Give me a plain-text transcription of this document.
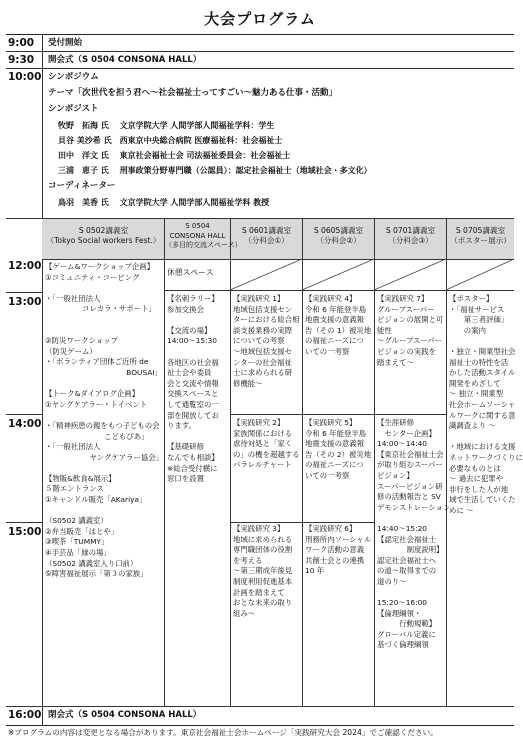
大会プログラム
9:00
9:30
10:00
12:00
13:00
14:00
15:00
16:00
受付開始
開会式（S 0504 CONSONA HALL）
シンポジウム
テーマ「次世代を担う君へ～社会福祉士ってすごい～魅力ある仕事・活動」
シンポジスト
牧野　拓海 氏　 文京学院大学 人間学部人間福祉学科：学生
貝谷 美沙希 氏　西東京中央総合病院 医療福祉科：社会福祉士
田中　洋文 氏　 東京社会福祉士会 司法福祉委員会：社会福祉士
三浦　恵子 氏　 刑事政策分野専門職（公認員）：認定社会福祉士（地域社会・多文化）
コーディネーター
鳥羽　美香 氏　 文京学院大学 人間学部人間福祉学科 教授
S 0502講義室
（Tokyo Social workers Fest.）
S 0504
CONSONA HALL
（多目的交流スペース）
S 0601講義室
（分科会①）
S 0605講義室
（分科会②）
S 0701講義室
（分科会③）
S 0705講義室
（ポスター展示）
【ゲーム&ワークショップ企画】
①コミュニティ・コーピング

・「一般社団法人
　　　　　コレカラ・サポート」

②防災ワークショップ
（防災ゲーム）
・「ボランティア団体ご近所 de
　　　　　　　　　　　BOUSAI」

【トーク&ダイアログ企画】
①ヤングケアラー・トイベント

・「精神疾患の親をもつ子どもの会
　　　　　　　　こどもぴあ」
・「一般社団法人
　　　　　　ヤングケアラー協会」

【物販&飲食&展示】
５階エントランス
①キャンドル販売「AKariya」

（S0502 講義室）
②弁当販売「はとや」
③喫茶「TUMMY」
④手芸品「縁の場」
（S0502 講義室入り口前）
⑤障害福祉展示「第３の家族」
休憩スペース
【名刺ラリー】
参加交換会

【交流の場】
14:00～15:30

各地区の社会福
祉士会や委員
会と交流や情報
交換スペースと
して通覧室の一
部を開放してお
ります。

【基礎研修
なんでも相談】
※総合受付横に
窓口を設置
【実践研究 1】
地域包括支援セン
ターにおける総合相
談支援業務の実際
についての考察
～地域包括支援セ
ンターの社会福祉
士に求められる研
修機能～
【実践研究 2】
家族関係における
虐待対処と「家く
の」の機を超越する
パラレルチャート
【実践研究 3】
地域に求められる
専門職団体の役割
を考える
～第三期成年後見
制度利用促進基本
計画を踏まえて
おとな未来の取り
組み～
【実践研究 4】
令和 6 年能登半島
地震支援の意義報
告（その 1）被災地
の福祉ニーズにつ
いての一考察
【実践研究 5】
令和 6 年能登半島
地震支援の意義報
告（その 2）被災地
の福祉ニーズにつ
いての一考察
【実践研究 6】
刑務所内ソーシャル
ワーク活動の意義
共創士会との連携
10 年
【実践研究 7】
グループスーパー
ビジョンの展開と可
能性
～グループスーパー
ビジョンの実践を
踏まえて～
【生涯研修
　センター企画】
14:00～14:40
【東京社会福祉士会
が取り組むスーパー
ビジョン】
スーパービジョン研
修の活動報告と SV
デモンストレーション

14:40～15:20
【認定社会福祉士
　　　　制度説明】
認定社会福祉士へ
の道～取得までの
道のり～

15:20～16:00
【倫理綱領・
　　　行動規範】
グローバル定義に
基づく倫理綱領
【ポスター】
・「福祉サービス
　　第三者評価」
　　の案内

・独立・開業型社会
福祉士の特性を活
かした活動スタイル
開発をめざして
～ 独立・開業型
社会ホームソーシャ
ルワークに関する意
識調査より ～

・地域における支援
ネットワークづくりに
必要なものとは
～ 過去に犯罪や
非行をした人が地
域で生活していくた
めに ～
閉会式（S 0504 CONSONA HALL）
※プログラムの内容は変更となる場合があります。東京社会福祉士会ホームページ「実践研究大会 2024」でご確認ください。
